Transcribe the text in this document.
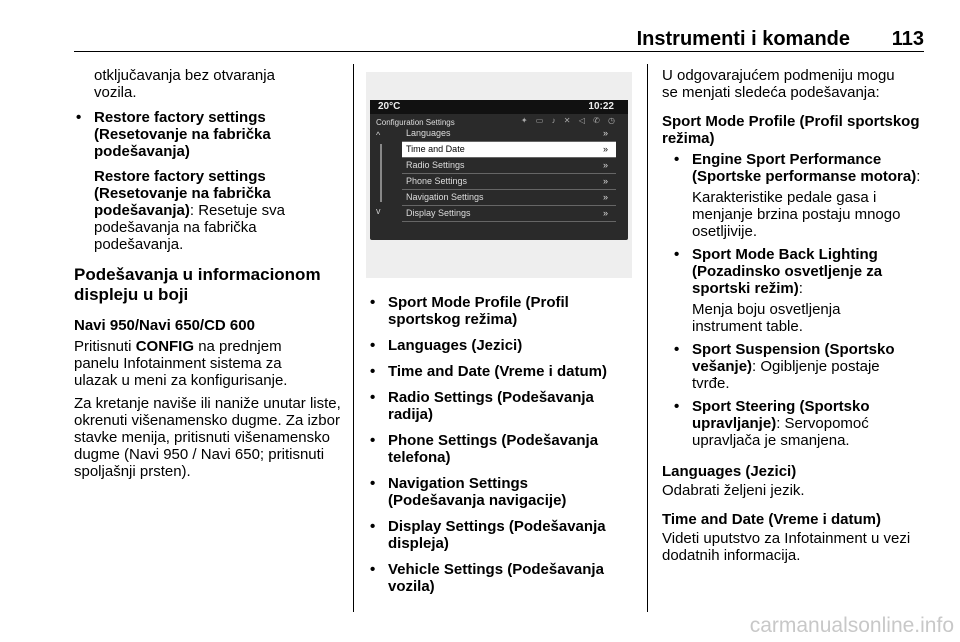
Instrumenti i komande 113

otključavanja bez otvaranja vozila.

• Restore factory settings (Resetovanje na fabrička podešavanja)

Restore factory settings (Resetovanje na fabrička podešavanja): Resetuje sva podešavanja na fabrička podešavanja.

Podešavanja u informacionom displeju u boji

Navi 950/Navi 650/CD 600

Pritisnuti CONFIG na prednjem panelu Infotainment sistema za ulazak u meni za konfigurisanje.

Za kretanje naviše ili naniže unutar liste, okrenuti višenamensko dugme. Za izbor stavke menija, pritisnuti višenamensko dugme (Navi 950 / Navi 650; pritisnuti spoljašnji prsten).

20°C	10:22
Configuration Settings	✦ ▭ ♪ ✕ ◁ ✆ ◷
^
v
Languages	»
Time and Date	»
Radio Settings	»
Phone Settings	»
Navigation Settings	»
Display Settings	»

• Sport Mode Profile (Profil sportskog režima)

• Languages (Jezici)

• Time and Date (Vreme i datum)

• Radio Settings (Podešavanja radija)

• Phone Settings (Podešavanja telefona)

• Navigation Settings (Podešavanja navigacije)

• Display Settings (Podešavanja displeja)

• Vehicle Settings (Podešavanja vozila)

U odgovarajućem podmeniju mogu se menjati sledeća podešavanja:

Sport Mode Profile (Profil sportskog režima)

• Engine Sport Performance (Sportske performanse motora):

Karakteristike pedale gasa i menjanje brzina postaju mnogo osetljivije.

• Sport Mode Back Lighting (Pozadinsko osvetljenje za sportski režim):

Menja boju osvetljenja instrument table.

• Sport Suspension (Sportsko vešanje): Ogibljenje postaje tvrđe.

• Sport Steering (Sportsko upravljanje): Servopomoć upravljača je smanjena.

Languages (Jezici)

Odabrati željeni jezik.

Time and Date (Vreme i datum)

Videti uputstvo za Infotainment u vezi dodatnih informacija.

carmanualsonline.info
